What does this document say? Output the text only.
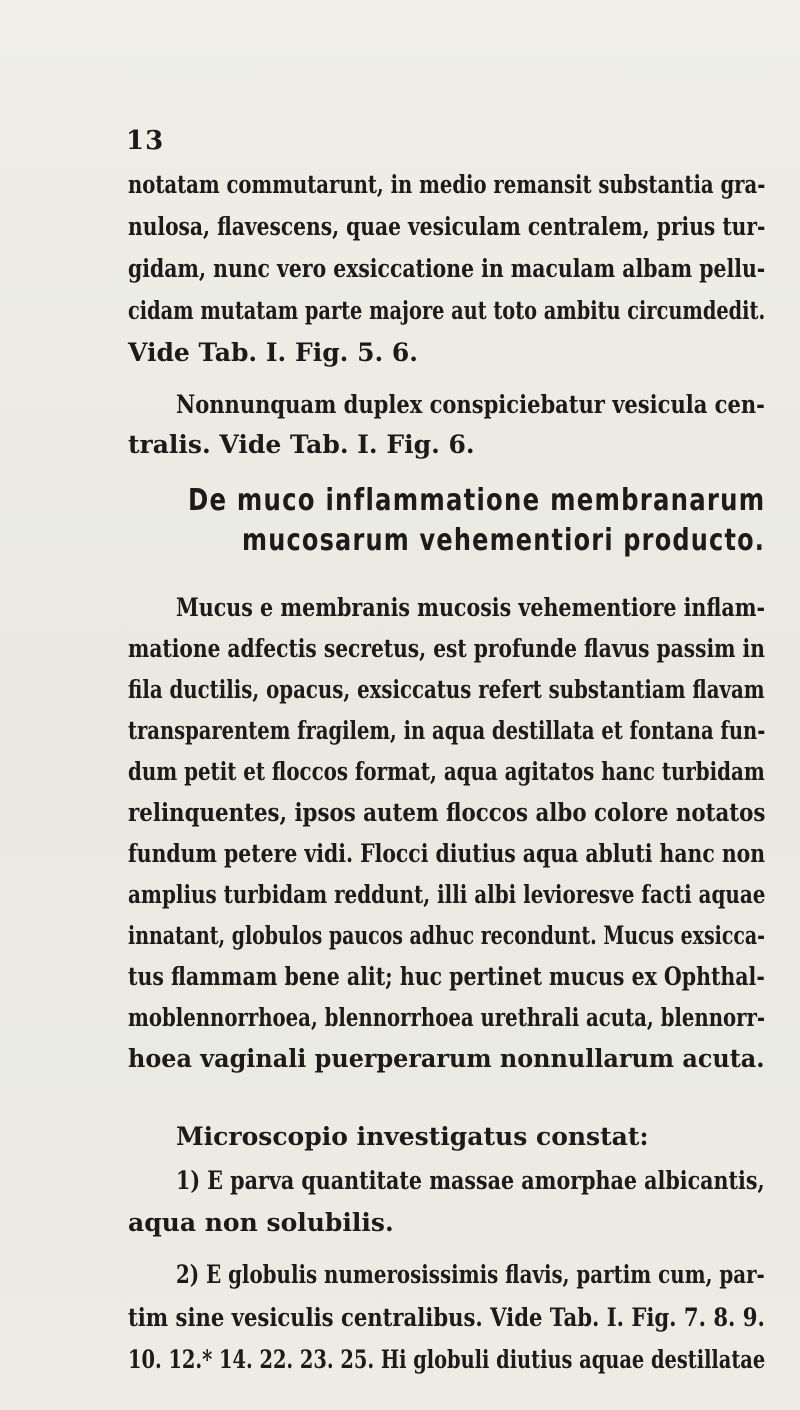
13
notatam commutarunt, in medio remansit substantia gra-
nulosa, flavescens, quae vesiculam centralem, prius tur-
gidam, nunc vero exsiccatione in maculam albam pellu-
cidam mutatam parte majore aut toto ambitu circumdedit.
Vide Tab. I. Fig. 5. 6.
Nonnunquam duplex conspiciebatur vesicula cen-
tralis. Vide Tab. I. Fig. 6.
De muco inflammatione membranarum
mucosarum vehementiori producto.
Mucus e membranis mucosis vehementiore inflam-
matione adfectis secretus, est profunde flavus passim in
fila ductilis, opacus, exsiccatus refert substantiam flavam
transparentem fragilem, in aqua destillata et fontana fun-
dum petit et floccos format, aqua agitatos hanc turbidam
relinquentes, ipsos autem floccos albo colore notatos
fundum petere vidi. Flocci diutius aqua abluti hanc non
amplius turbidam reddunt, illi albi levioresve facti aquae
innatant, globulos paucos adhuc recondunt. Mucus exsicca-
tus flammam bene alit; huc pertinet mucus ex Ophthal-
moblennorrhoea, blennorrhoea urethrali acuta, blennorr-
hoea vaginali puerperarum nonnullarum acuta.
Microscopio investigatus constat:
1) E parva quantitate massae amorphae albicantis,
aqua non solubilis.
2) E globulis numerosissimis flavis, partim cum, par-
tim sine vesiculis centralibus. Vide Tab. I. Fig. 7. 8. 9.
10. 12.* 14. 22. 23. 25. Hi globuli diutius aquae destillatae
